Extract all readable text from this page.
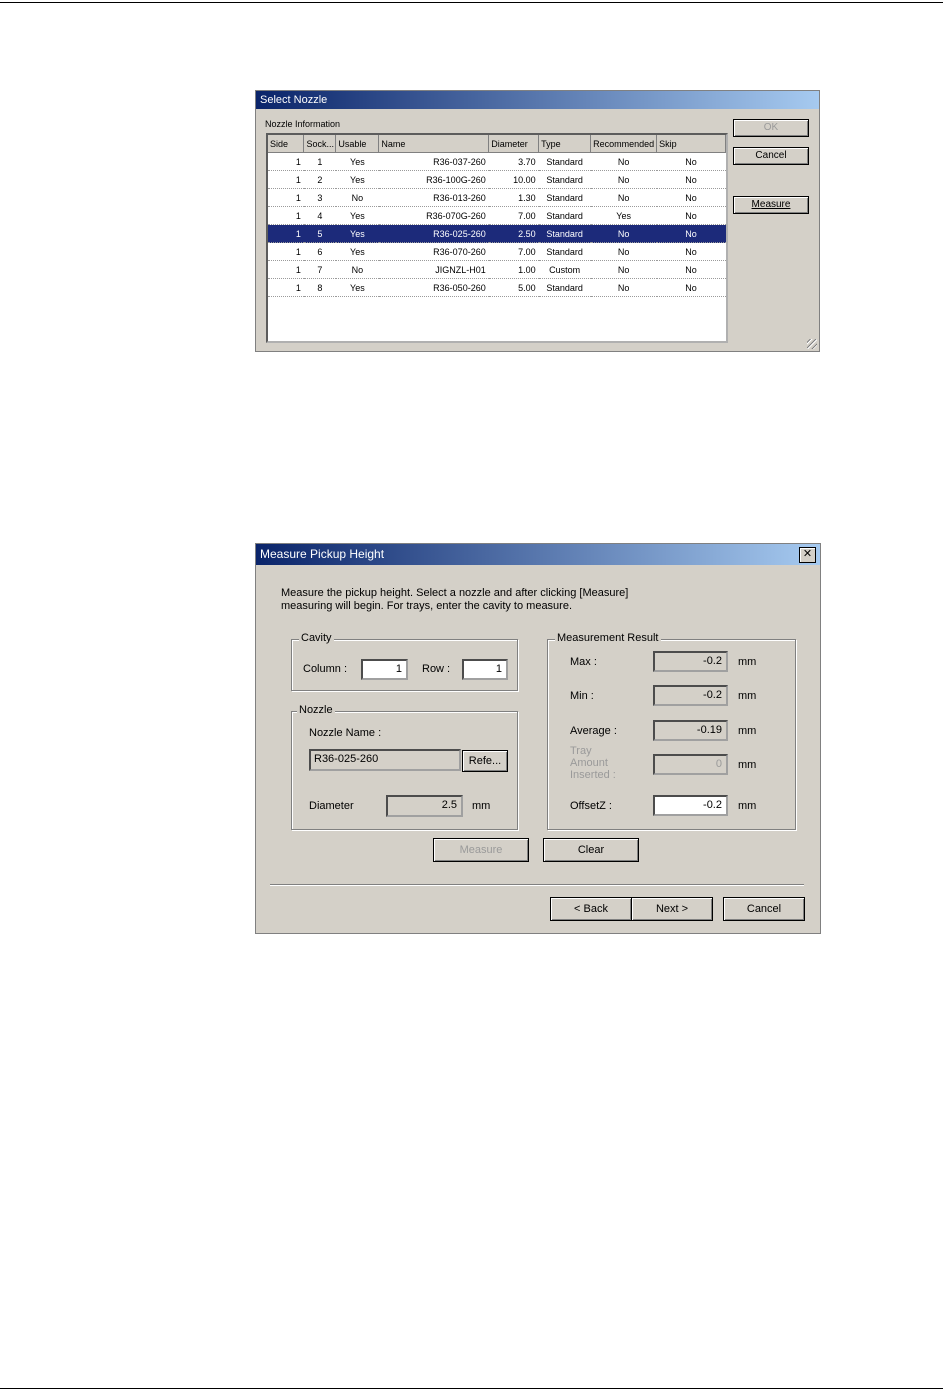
Select Nozzle
Nozzle Information
Side	Sock...	Usable	Name	Diameter	Type	Recommended	Skip
1	1	Yes	R36-037-260	3.70	Standard	No	No
1	2	Yes	R36-100G-260	10.00	Standard	No	No
1	3	No	R36-013-260	1.30	Standard	No	No
1	4	Yes	R36-070G-260	7.00	Standard	Yes	No
1	5	Yes	R36-025-260	2.50	Standard	No	No
1	6	Yes	R36-070-260	7.00	Standard	No	No
1	7	No	JIGNZL-H01	1.00	Custom	No	No
1	8	Yes	R36-050-260	5.00	Standard	No	No
OK
Cancel
Measure
Measure Pickup Height	✕
Measure the pickup height. Select a nozzle and after clicking [Measure]
measuring will begin. For trays, enter the cavity to measure.
Cavity
Column :	1	Row :	1
Nozzle
Nozzle Name :
R36-025-260	Refe...
Diameter	2.5	mm
Measurement Result
Max :	-0.2	mm
Min :	-0.2	mm
Average :	-0.19	mm
Tray
Amount
Inserted :
0	mm
OffsetZ :	-0.2	mm
Measure	Clear
< Back	Next >	Cancel
